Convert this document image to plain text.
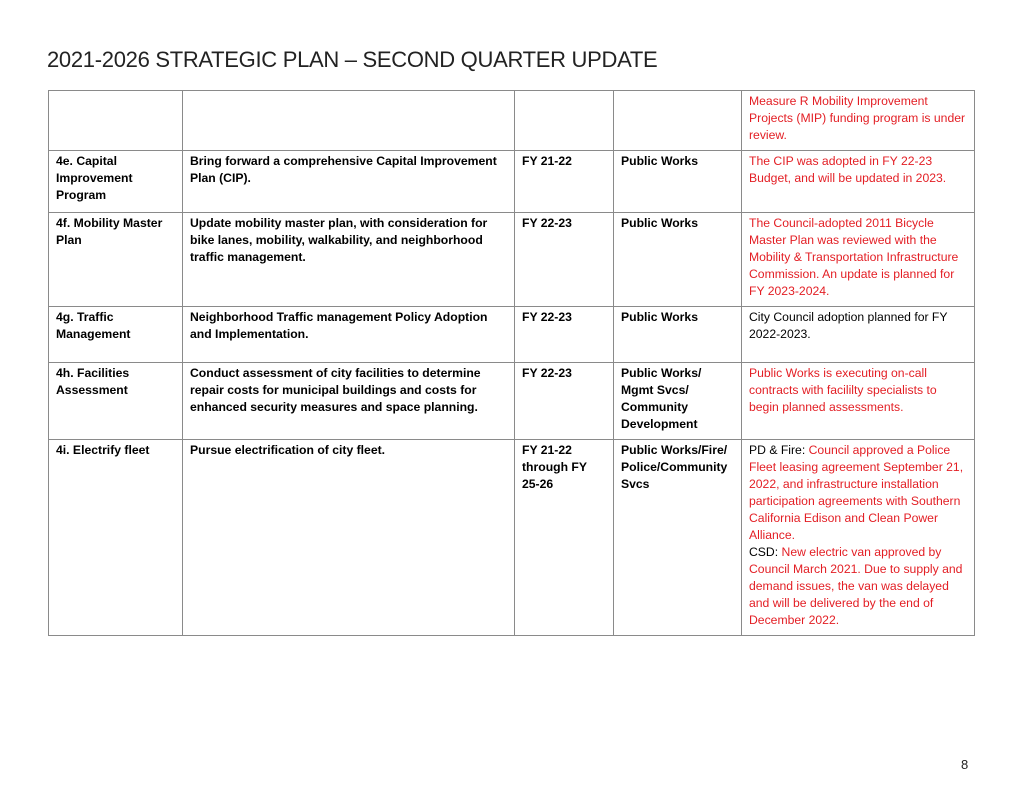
2021-2026 STRATEGIC PLAN – SECOND QUARTER UPDATE
				Measure R Mobility Improvement Projects (MIP) funding program is under review.
4e. Capital Improvement Program	Bring forward a comprehensive Capital Improvement Plan (CIP).	FY 21-22	Public Works	The CIP was adopted in FY 22-23 Budget, and will be updated in 2023.
4f. Mobility Master Plan	Update mobility master plan, with consideration for bike lanes, mobility, walkability, and neighborhood traffic management.	FY 22-23	Public Works	The Council-adopted 2011 Bicycle Master Plan was reviewed with the Mobility & Transportation Infrastructure Commission. An update is planned for FY 2023-2024.
4g. Traffic Management	Neighborhood Traffic management Policy Adoption and Implementation.	FY 22-23	Public Works	City Council adoption planned for FY 2022-2023.
4h. Facilities Assessment	Conduct assessment of city facilities to determine repair costs for municipal buildings and costs for enhanced security measures and space planning.	FY 22-23	Public Works/ Mgmt Svcs/ Community Development	Public Works is executing on-call contracts with facililty specialists to begin planned assessments.
4i. Electrify fleet	Pursue electrification of city fleet.	FY 21-22 through FY 25-26	Public Works/Fire/ Police/Community Svcs	PD & Fire: Council approved a Police Fleet leasing agreement September 21, 2022, and infrastructure installation participation agreements with Southern California Edison and Clean Power Alliance.
CSD: New electric van approved by Council March 2021. Due to supply and demand issues, the van was delayed and will be delivered by the end of December 2022.
8
